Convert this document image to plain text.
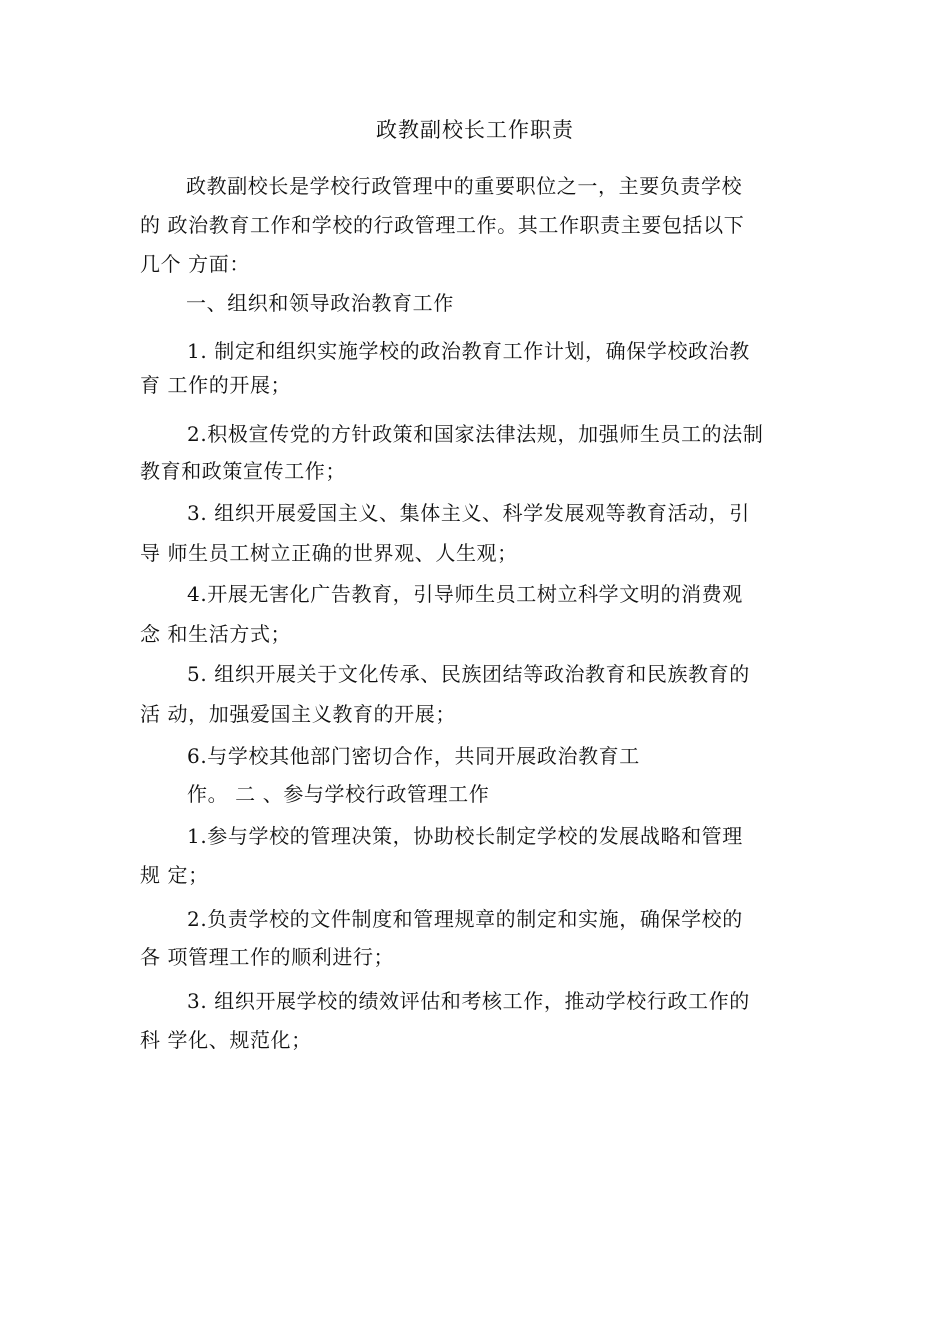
政教副校长工作职责
政教副校长是学校行政管理中的重要职位之一，主要负责学校
的 政治教育工作和学校的行政管理工作。其工作职责主要包括以下
几个 方面：
一、组织和领导政治教育工作
1. 制定和组织实施学校的政治教育工作计划，确保学校政治教
育 工作的开展；
2.积极宣传党的方针政策和国家法律法规，加强师生员工的法制
教育和政策宣传工作；
3. 组织开展爱国主义、集体主义、科学发展观等教育活动，引
导 师生员工树立正确的世界观、人生观；
4.开展无害化广告教育，引导师生员工树立科学文明的消费观
念 和生活方式；
5. 组织开展关于文化传承、民族团结等政治教育和民族教育的
活 动，加强爱国主义教育的开展；
6.与学校其他部门密切合作，共同开展政治教育工
作。 二 、参与学校行政管理工作
1.参与学校的管理决策，协助校长制定学校的发展战略和管理
规 定；
2.负责学校的文件制度和管理规章的制定和实施，确保学校的
各 项管理工作的顺利进行；
3. 组织开展学校的绩效评估和考核工作，推动学校行政工作的
科 学化、规范化；
